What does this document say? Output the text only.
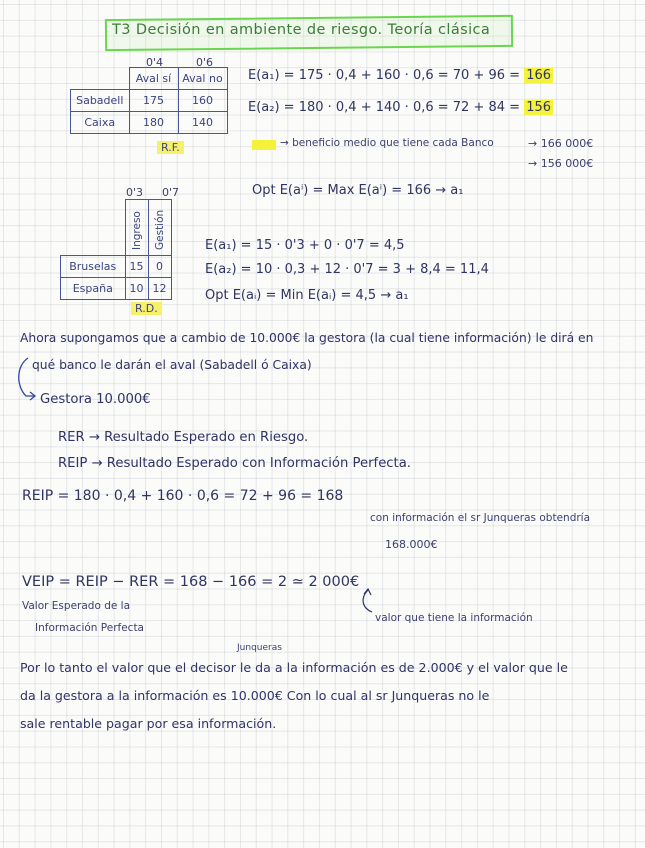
T3 Decisión en ambiente de riesgo. Teoría clásica
0'4	0'6
	Aval sí	Aval no
Sabadell	175	160
Caixa	180	140
R.F.
E(a₁) = 175 · 0,4 + 160 · 0,6 = 70 + 96 = 166
E(a₂) = 180 · 0,4 + 140 · 0,6 = 72 + 84 = 156
→ beneficio medio que tiene cada Banco	→ 166 000€
→ 156 000€
Opt E(aⁱ) = Max E(aⁱ) = 166 → a₁
0'3 0'7

	Ingreso	Gestión

Bruselas	15	0
España	10	12
R.D.
E(a₁) = 15 · 0'3 + 0 · 0'7 = 4,5
E(a₂) = 10 · 0,3 + 12 · 0'7 = 3 + 8,4 = 11,4
Opt E(aᵢ) = Min E(aᵢ) = 4,5 → a₁
Ahora supongamos que a cambio de 10.000€ la gestora (la cual tiene información) le dirá en
qué banco le darán el aval (Sabadell ó Caixa)
Gestora 10.000€
RER → Resultado Esperado en Riesgo.
REIP → Resultado Esperado con Información Perfecta.
REIP = 180 · 0,4 + 160 · 0,6 = 72 + 96 = 168
con información el sr Junqueras obtendría
168.000€
VEIP = REIP − RER = 168 − 166 = 2 ≃ 2 000€
Valor Esperado de la
Información Perfecta
valor que tiene la información
Junqueras
Por lo tanto el valor que el decisor le da a la información es de 2.000€ y el valor que le
da la gestora a la información es 10.000€ Con lo cual al sr Junqueras no le
sale rentable pagar por esa información.
